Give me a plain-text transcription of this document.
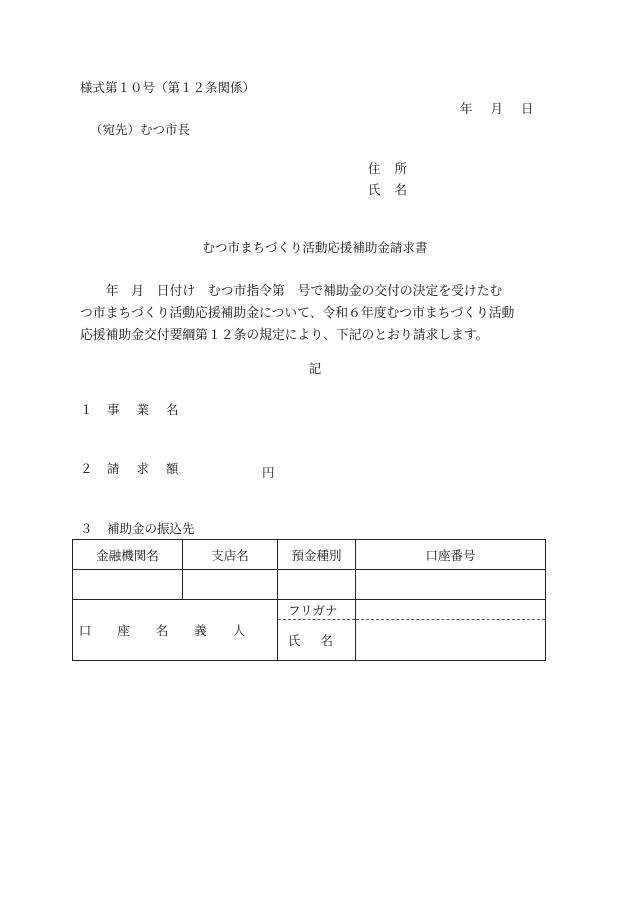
様式第１０号（第１２条関係）
年 月 日
（宛先）むつ市長
住所
氏名
むつ市まちづくり活動応援補助金請求書
　　年　月　日付け　むつ市指令第　号で補助金の交付の決定を受けたむ
つ市まちづくり活動応援補助金について、令和６年度むつ市まちづくり活動
応援補助金交付要綱第１２条の規定により、下記のとおり請求します。
記
１ 事業名
２ 請求額	円
３ 補助金の振込先
金融機関名	支店名	預金種別	口座番号

口座名義人		フリガナ	
		氏名	
